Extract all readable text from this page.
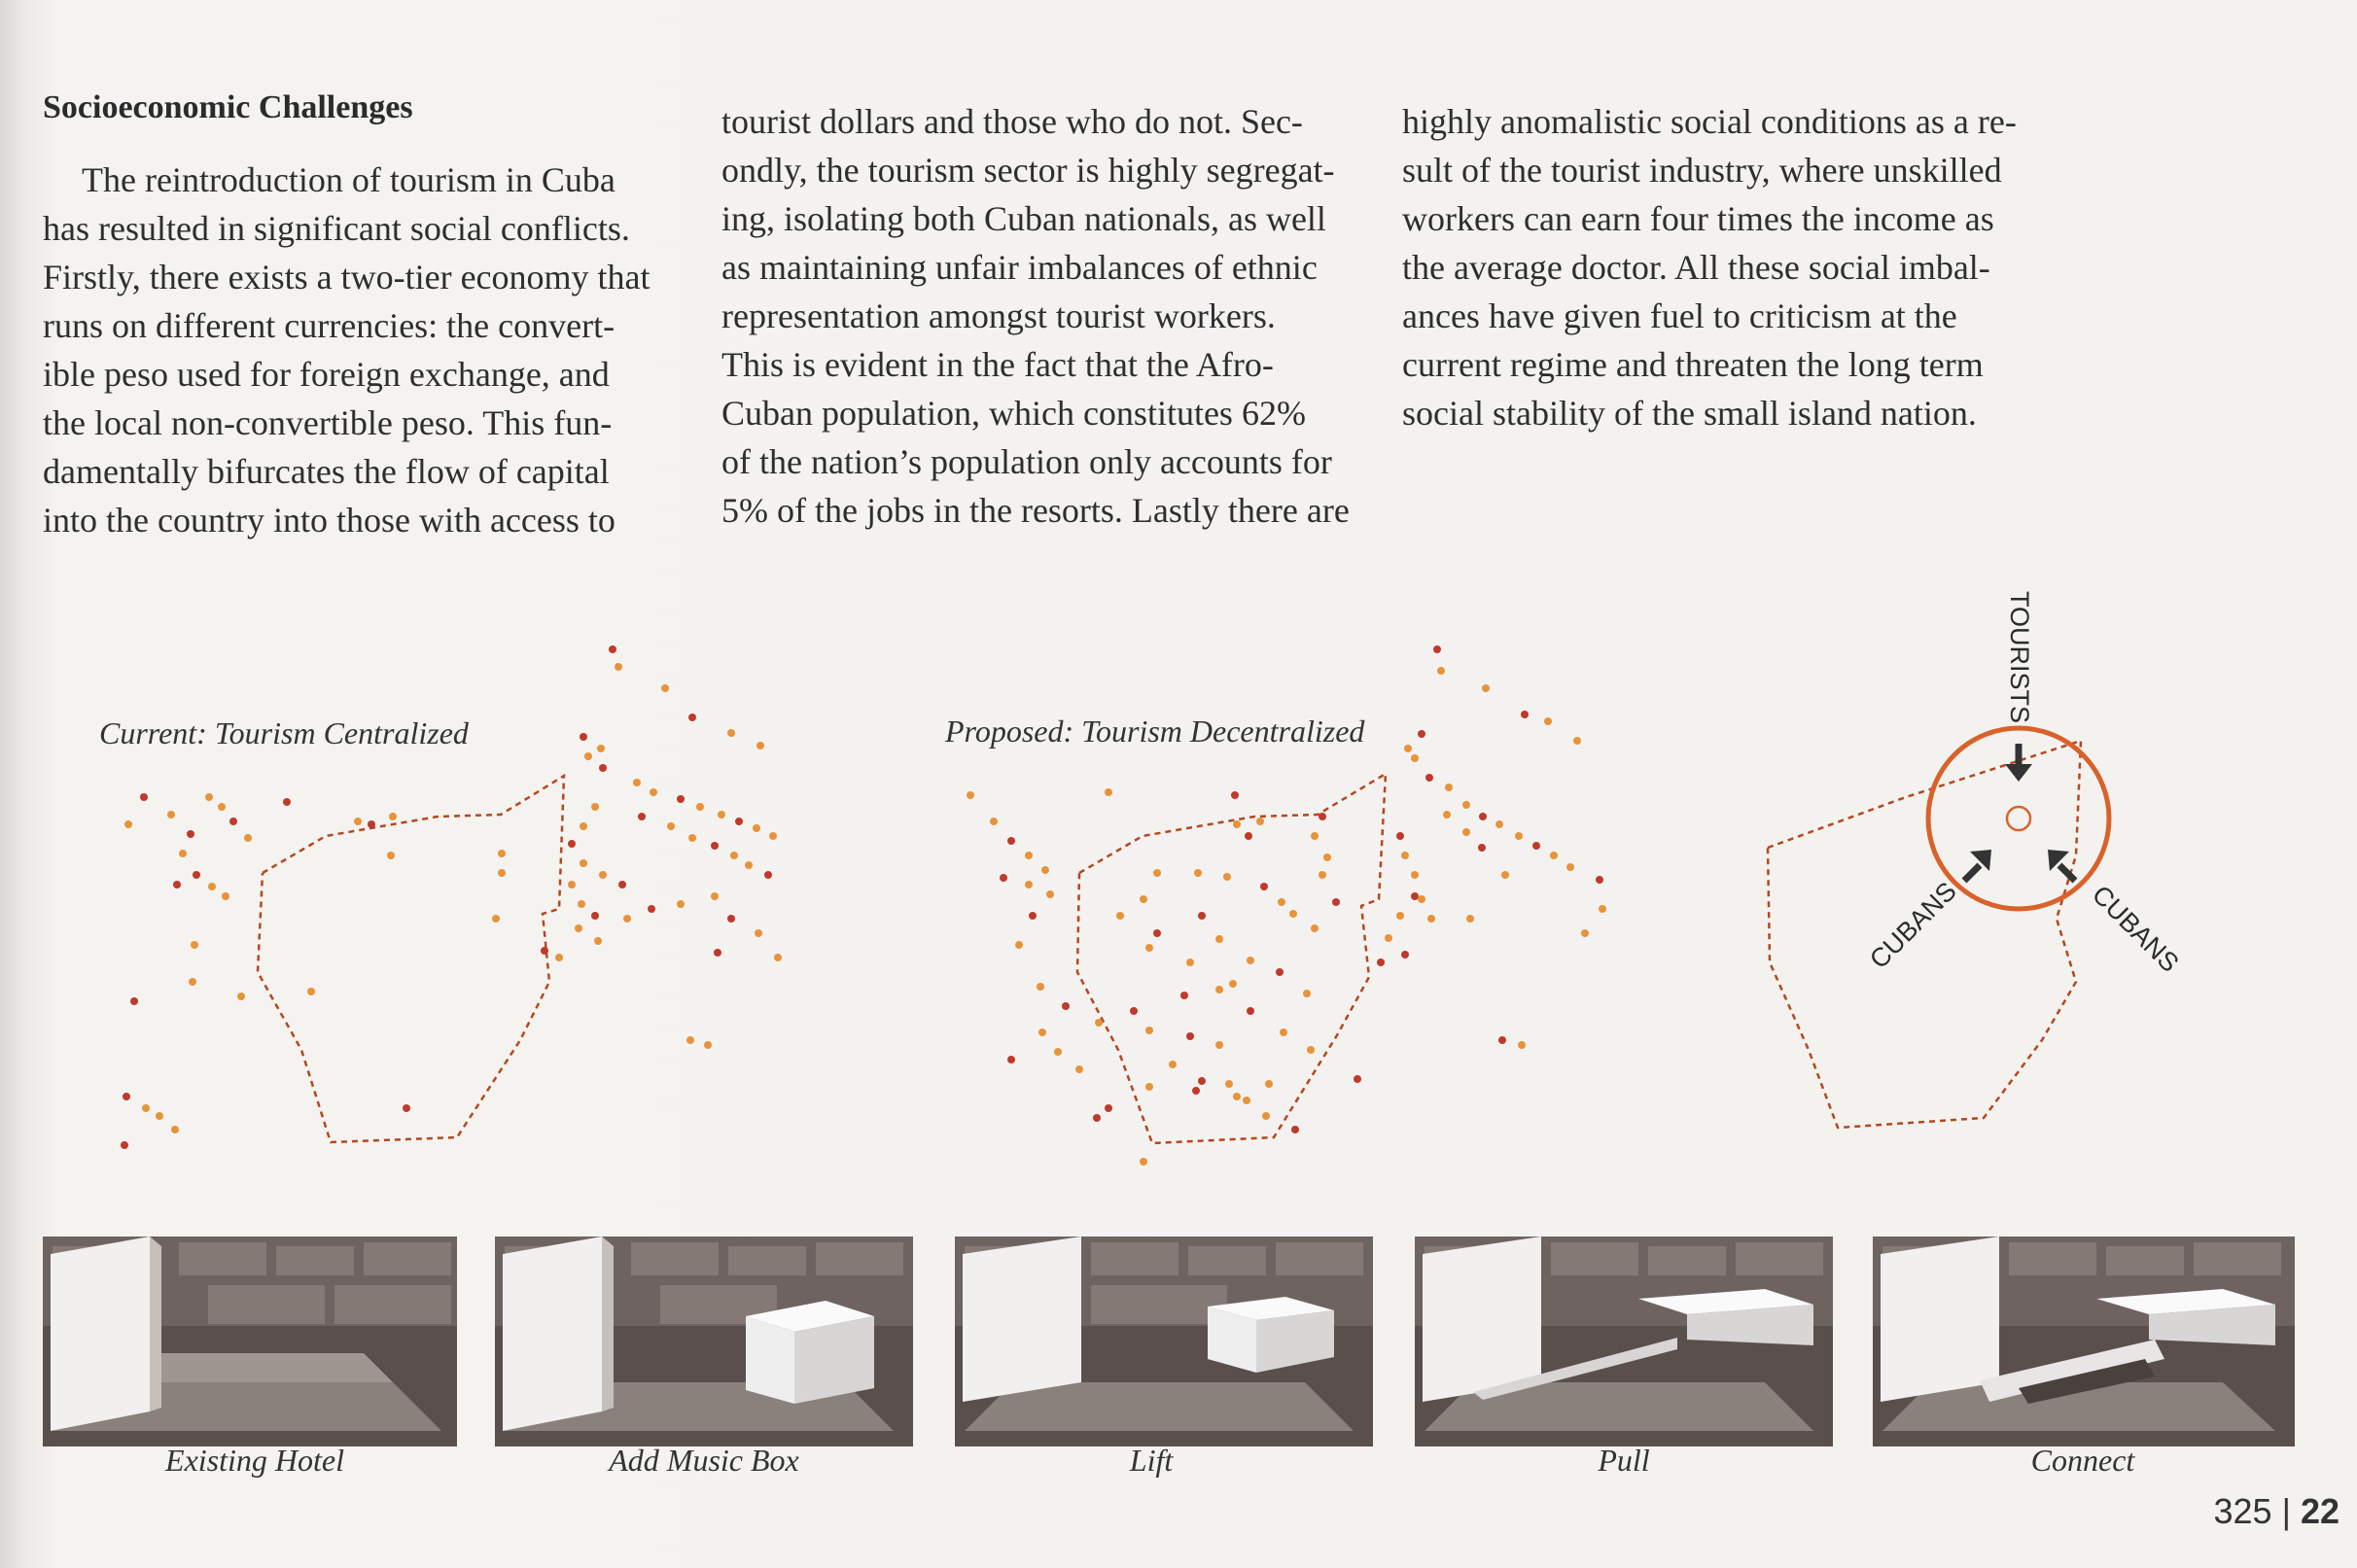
Socioeconomic Challenges

The reintroduction of tourism in Cuba

has resulted in significant social conflicts.

Firstly, there exists a two-tier economy that

runs on different currencies: the convert-

ible peso used for foreign exchange, and

the local non-convertible peso. This fun-

damentally bifurcates the flow of capital

into the country into those with access to

tourist dollars and those who do not. Sec-

ondly, the tourism sector is highly segregat-

ing, isolating both Cuban nationals, as well

as maintaining unfair imbalances of ethnic

representation amongst tourist workers.

This is evident in the fact that the Afro-

Cuban population, which constitutes 62%

of the nation’s population only accounts for

5% of the jobs in the resorts. Lastly there are

highly anomalistic social conditions as a re-

sult of the tourist industry, where unskilled

workers can earn four times the income as

the average doctor. All these social imbal-

ances have given fuel to criticism at the

current regime and threaten the long term

social stability of the small island nation.

Current: Tourism Centralized	Proposed: Tourism Decentralized
TOURISTS
CUBANS	CUBANS
Existing Hotel	Add Music Box	Lift	Pull	Connect
325 | 22
